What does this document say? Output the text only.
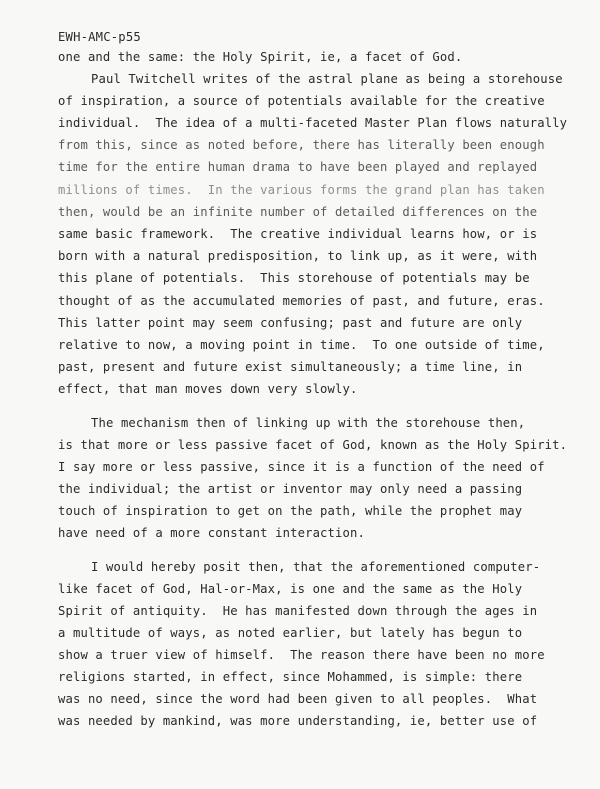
EWH-AMC-p55
one and the same: the Holy Spirit, ie, a facet of God.
Paul Twitchell writes of the astral plane as being a storehouse
of inspiration, a source of potentials available for the creative
individual.  The idea of a multi-faceted Master Plan flows naturally
from this, since as noted before, there has literally been enough
time for the entire human drama to have been played and replayed
millions of times.  In the various forms the grand plan has taken
then, would be an infinite number of detailed differences on the
same basic framework.  The creative individual learns how, or is
born with a natural predisposition, to link up, as it were, with
this plane of potentials.  This storehouse of potentials may be
thought of as the accumulated memories of past, and future, eras.
This latter point may seem confusing; past and future are only
relative to now, a moving point in time.  To one outside of time,
past, present and future exist simultaneously; a time line, in
effect, that man moves down very slowly.
The mechanism then of linking up with the storehouse then,
is that more or less passive facet of God, known as the Holy Spirit.
I say more or less passive, since it is a function of the need of
the individual; the artist or inventor may only need a passing
touch of inspiration to get on the path, while the prophet may
have need of a more constant interaction.
I would hereby posit then, that the aforementioned computer-
like facet of God, Hal-or-Max, is one and the same as the Holy
Spirit of antiquity.  He has manifested down through the ages in
a multitude of ways, as noted earlier, but lately has begun to
show a truer view of himself.  The reason there have been no more
religions started, in effect, since Mohammed, is simple: there
was no need, since the word had been given to all peoples.  What
was needed by mankind, was more understanding, ie, better use of
